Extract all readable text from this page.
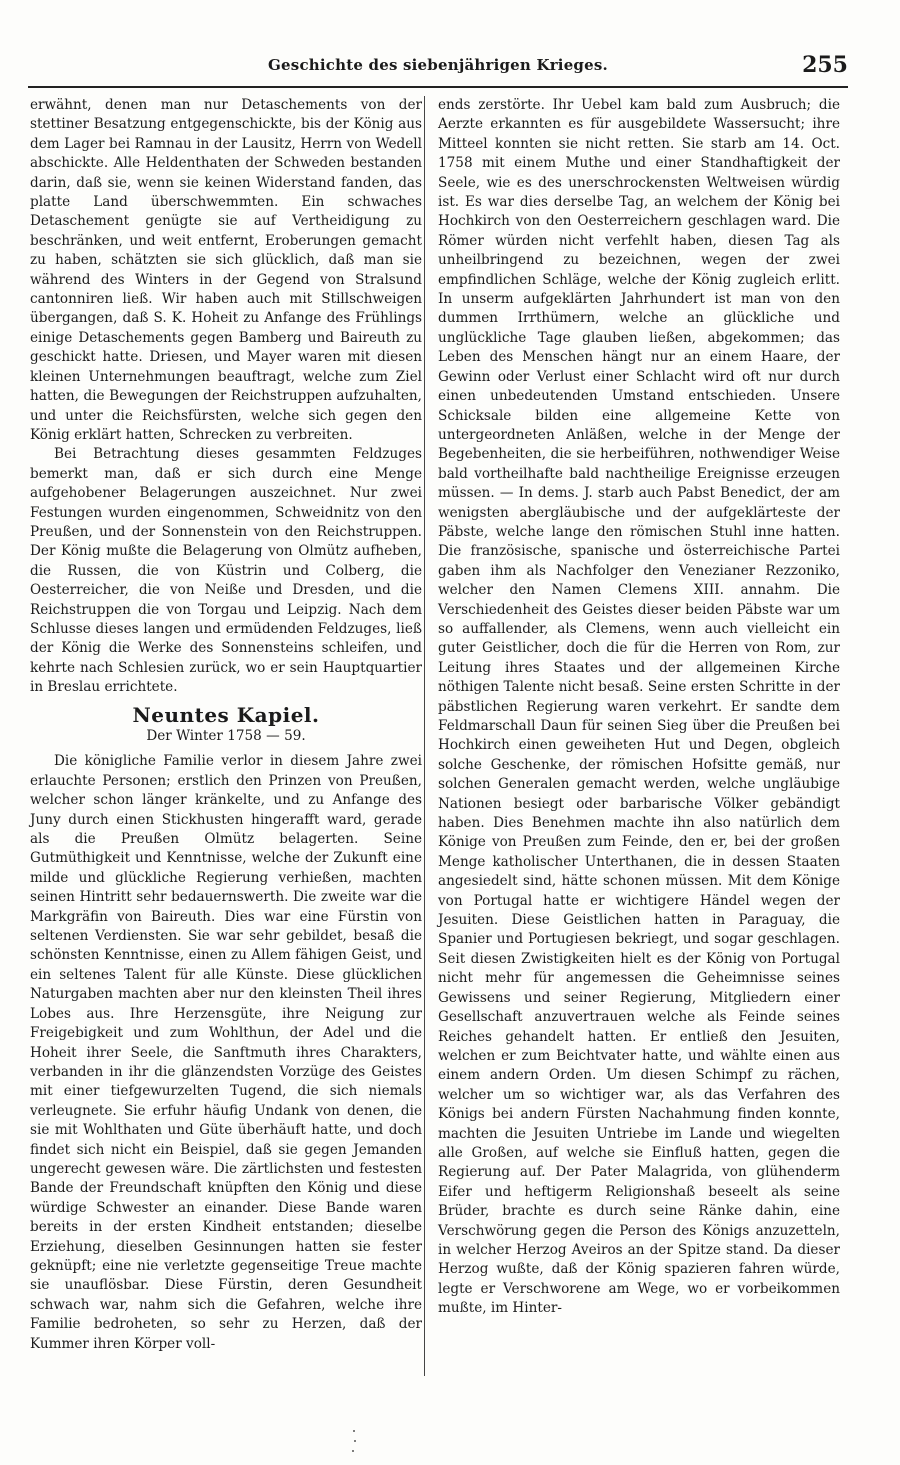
Geschichte des siebenjährigen Krieges.	255

erwähnt, denen man nur Detaschements von der stettiner Besatzung entgegenschickte, bis der König aus dem Lager bei Ramnau in der Lausitz, Herrn von Wedell abschickte. Alle Heldenthaten der Schweden bestanden darin, daß sie, wenn sie keinen Widerstand fanden, das platte Land überschwemmten. Ein schwaches Detaschement genügte sie auf Vertheidigung zu beschränken, und weit entfernt, Eroberungen gemacht zu haben, schätzten sie sich glücklich, daß man sie während des Winters in der Gegend von Stralsund cantonniren ließ. Wir haben auch mit Stillschweigen übergangen, daß S. K. Hoheit zu Anfange des Frühlings einige Detaschements gegen Bamberg und Baireuth zu geschickt hatte. Driesen, und Mayer waren mit diesen kleinen Unternehmungen beauftragt, welche zum Ziel hatten, die Bewegungen der Reichstruppen aufzuhalten, und unter die Reichsfürsten, welche sich gegen den König erklärt hatten, Schrecken zu verbreiten.

Bei Betrachtung dieses gesammten Feldzuges bemerkt man, daß er sich durch eine Menge aufgehobener Belagerungen auszeichnet. Nur zwei Festungen wurden eingenommen, Schweidnitz von den Preußen, und der Sonnenstein von den Reichstruppen. Der König mußte die Belagerung von Olmütz aufheben, die Russen, die von Küstrin und Colberg, die Oesterreicher, die von Neiße und Dresden, und die Reichstruppen die von Torgau und Leipzig. Nach dem Schlusse dieses langen und ermüdenden Feldzuges, ließ der König die Werke des Sonnensteins schleifen, und kehrte nach Schlesien zurück, wo er sein Hauptquartier in Breslau errichtete.

Neuntes Kapiel.
Der Winter 1758 — 59.

Die königliche Familie verlor in diesem Jahre zwei erlauchte Personen; erstlich den Prinzen von Preußen, welcher schon länger kränkelte, und zu Anfange des Juny durch einen Stickhusten hingerafft ward, gerade als die Preußen Olmütz belagerten. Seine Gutmüthigkeit und Kenntnisse, welche der Zukunft eine milde und glückliche Regierung verhießen, machten seinen Hintritt sehr bedauernswerth. Die zweite war die Markgräfin von Baireuth. Dies war eine Fürstin von seltenen Verdiensten. Sie war sehr gebildet, besaß die schönsten Kenntnisse, einen zu Allem fähigen Geist, und ein seltenes Talent für alle Künste. Diese glücklichen Naturgaben machten aber nur den kleinsten Theil ihres Lobes aus. Ihre Herzensgüte, ihre Neigung zur Freigebigkeit und zum Wohlthun, der Adel und die Hoheit ihrer Seele, die Sanftmuth ihres Charakters, verbanden in ihr die glänzendsten Vorzüge des Geistes mit einer tiefgewurzelten Tugend, die sich niemals verleugnete. Sie erfuhr häufig Undank von denen, die sie mit Wohlthaten und Güte überhäuft hatte, und doch findet sich nicht ein Beispiel, daß sie gegen Jemanden ungerecht gewesen wäre. Die zärtlichsten und festesten Bande der Freundschaft knüpften den König und diese würdige Schwester an einander. Diese Bande waren bereits in der ersten Kindheit entstanden; dieselbe Erziehung, dieselben Gesinnungen hatten sie fester geknüpft; eine nie verletzte gegenseitige Treue machte sie unauflösbar. Diese Fürstin, deren Gesundheit schwach war, nahm sich die Gefahren, welche ihre Familie bedroheten, so sehr zu Herzen, daß der Kummer ihren Körper voll-

ends zerstörte. Ihr Uebel kam bald zum Ausbruch; die Aerzte erkannten es für ausgebildete Wassersucht; ihre Mitteel konnten sie nicht retten. Sie starb am 14. Oct. 1758 mit einem Muthe und einer Standhaftigkeit der Seele, wie es des unerschrockensten Weltweisen würdig ist. Es war dies derselbe Tag, an welchem der König bei Hochkirch von den Oesterreichern geschlagen ward. Die Römer würden nicht verfehlt haben, diesen Tag als unheilbringend zu bezeichnen, wegen der zwei empfindlichen Schläge, welche der König zugleich erlitt. In unserm aufgeklärten Jahrhundert ist man von den dummen Irrthümern, welche an glückliche und unglückliche Tage glauben ließen, abgekommen; das Leben des Menschen hängt nur an einem Haare, der Gewinn oder Verlust einer Schlacht wird oft nur durch einen unbedeutenden Umstand entschieden. Unsere Schicksale bilden eine allgemeine Kette von untergeordneten Anläßen, welche in der Menge der Begebenheiten, die sie herbeiführen, nothwendiger Weise bald vortheilhafte bald nachtheilige Ereignisse erzeugen müssen. — In dems. J. starb auch Pabst Benedict, der am wenigsten abergläubische und der aufgeklärteste der Päbste, welche lange den römischen Stuhl inne hatten. Die französische, spanische und österreichische Partei gaben ihm als Nachfolger den Venezianer Rezzoniko, welcher den Namen Clemens XIII. annahm. Die Verschiedenheit des Geistes dieser beiden Päbste war um so auffallender, als Clemens, wenn auch vielleicht ein guter Geistlicher, doch die für die Herren von Rom, zur Leitung ihres Staates und der allgemeinen Kirche nöthigen Talente nicht besaß. Seine ersten Schritte in der päbstlichen Regierung waren verkehrt. Er sandte dem Feldmarschall Daun für seinen Sieg über die Preußen bei Hochkirch einen geweiheten Hut und Degen, obgleich solche Geschenke, der römischen Hofsitte gemäß, nur solchen Generalen gemacht werden, welche ungläubige Nationen besiegt oder barbarische Völker gebändigt haben. Dies Benehmen machte ihn also natürlich dem Könige von Preußen zum Feinde, den er, bei der großen Menge katholischer Unterthanen, die in dessen Staaten angesiedelt sind, hätte schonen müssen. Mit dem Könige von Portugal hatte er wichtigere Händel wegen der Jesuiten. Diese Geistlichen hatten in Paraguay, die Spanier und Portugiesen bekriegt, und sogar geschlagen. Seit diesen Zwistigkeiten hielt es der König von Portugal nicht mehr für angemessen die Geheimnisse seines Gewissens und seiner Regierung, Mitgliedern einer Gesellschaft anzuvertrauen welche als Feinde seines Reiches gehandelt hatten. Er entließ den Jesuiten, welchen er zum Beichtvater hatte, und wählte einen aus einem andern Orden. Um diesen Schimpf zu rächen, welcher um so wichtiger war, als das Verfahren des Königs bei andern Fürsten Nachahmung finden konnte, machten die Jesuiten Untriebe im Lande und wiegelten alle Großen, auf welche sie Einfluß hatten, gegen die Regierung auf. Der Pater Malagrida, von glühenderm Eifer und heftigerm Religionshaß beseelt als seine Brüder, brachte es durch seine Ränke dahin, eine Verschwörung gegen die Person des Königs anzuzetteln, in welcher Herzog Aveiros an der Spitze stand. Da dieser Herzog wußte, daß der König spazieren fahren würde, legte er Verschworene am Wege, wo er vorbeikommen mußte, im Hinter-
